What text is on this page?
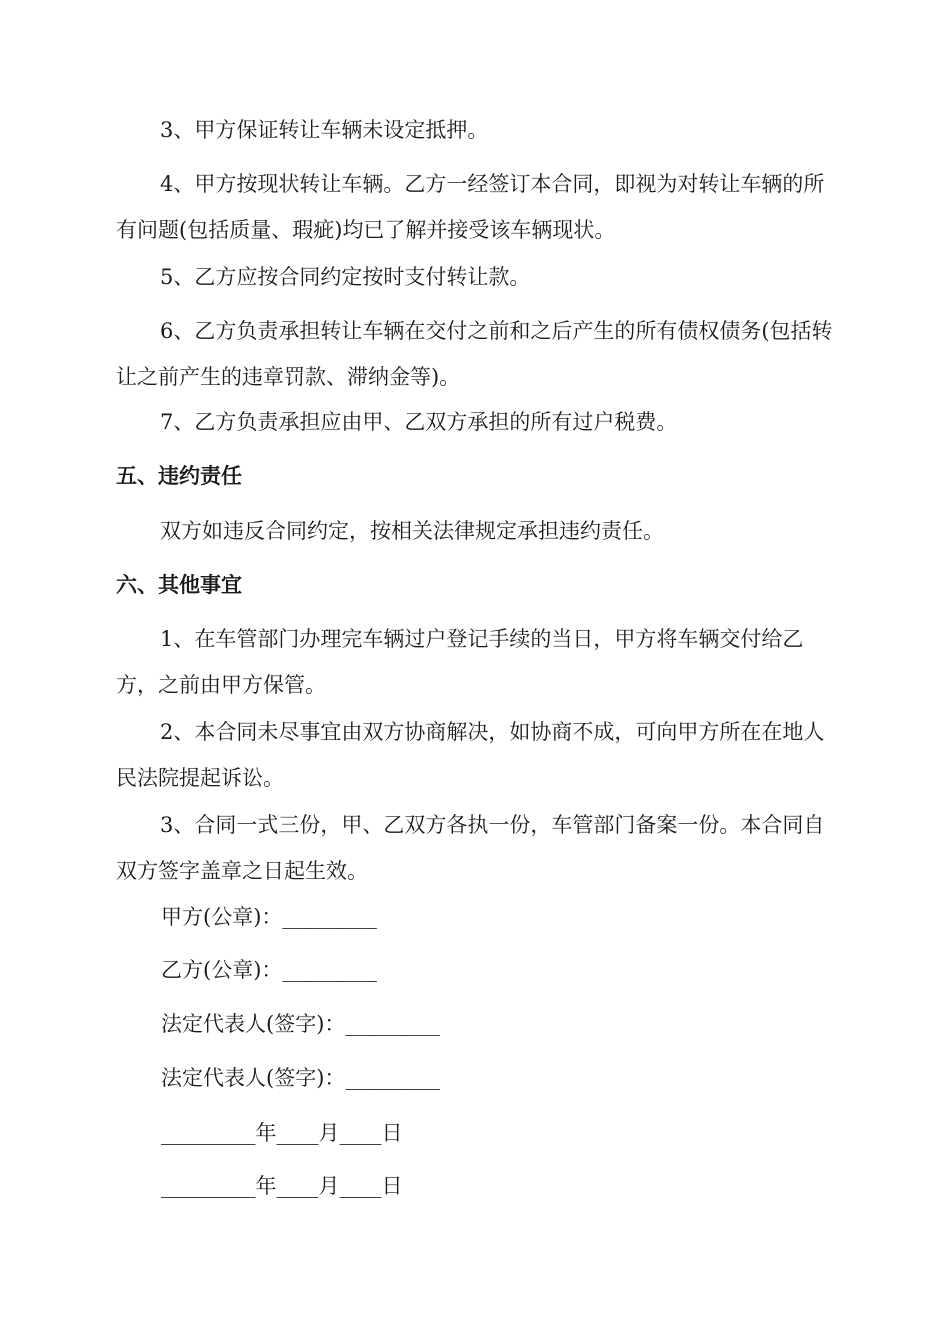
3、甲方保证转让车辆未设定抵押。

4、甲方按现状转让车辆。乙方一经签订本合同，即视为对转让车辆的所有问题(包括质量、瑕疵)均已了解并接受该车辆现状。

5、乙方应按合同约定按时支付转让款。

6、乙方负责承担转让车辆在交付之前和之后产生的所有债权债务(包括转让之前产生的违章罚款、滞纳金等)。

7、乙方负责承担应由甲、乙双方承担的所有过户税费。

五、违约责任

双方如违反合同约定，按相关法律规定承担违约责任。

六、其他事宜

1、在车管部门办理完车辆过户登记手续的当日，甲方将车辆交付给乙方，之前由甲方保管。

2、本合同未尽事宜由双方协商解决，如协商不成，可向甲方所在在地人民法院提起诉讼。

3、合同一式三份，甲、乙双方各执一份，车管部门备案一份。本合同自双方签字盖章之日起生效。

甲方(公章)：_________

乙方(公章)：_________

法定代表人(签字)：_________

法定代表人(签字)：_________

_________年____月____日

_________年____月____日
